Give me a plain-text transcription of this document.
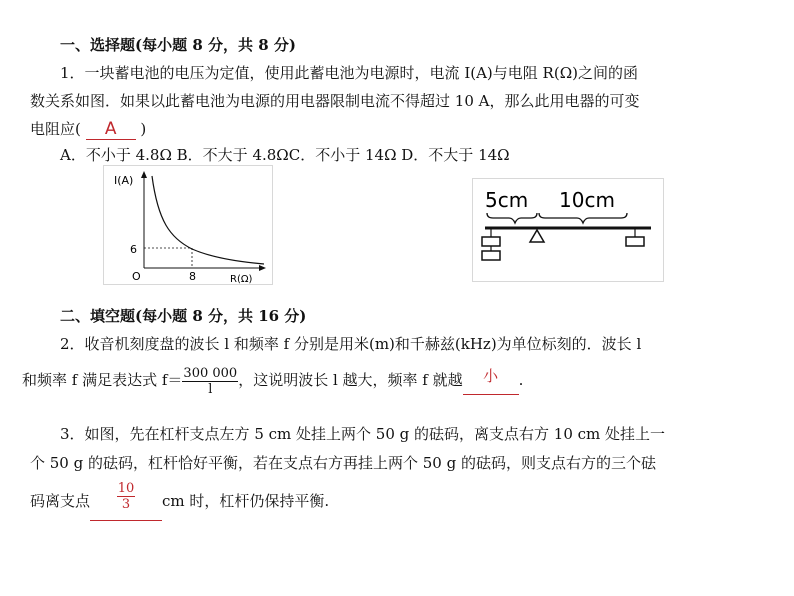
一、选择题(每小题 8 分，共 8 分)
1．一块蓄电池的电压为定值，使用此蓄电池为电源时，电流 I(A)与电阻 R(Ω)之间的函
数关系如图．如果以此蓄电池为电源的用电器限制电流不得超过 10 A，那么此用电器的可变
电阻应( A )
A．不小于 4.8Ω B．不大于 4.8ΩC．不小于 14Ω D．不大于 14Ω
I(A)
R(Ω)
O
6
8
5cm 10cm
二、填空题(每小题 8 分，共 16 分)
2．收音机刻度盘的波长 l 和频率 f 分别是用米(m)和千赫兹(kHz)为单位标刻的．波长 l
和频率 f 满足表达式 $f= \frac{300 000}{l}$ ，这说明波长 l 越大，频率 f 就越 小 .
3．如图，先在杠杆支点左方 5 cm 处挂上两个 50 g 的砝码，离支点右方 10 cm 处挂上一
个 50 g 的砝码，杠杆恰好平衡，若在支点右方再挂上两个 50 g 的砝码，则支点右方的三个砝
码离支点 $\frac{10}{3}$ cm 时，杠杆仍保持平衡.
